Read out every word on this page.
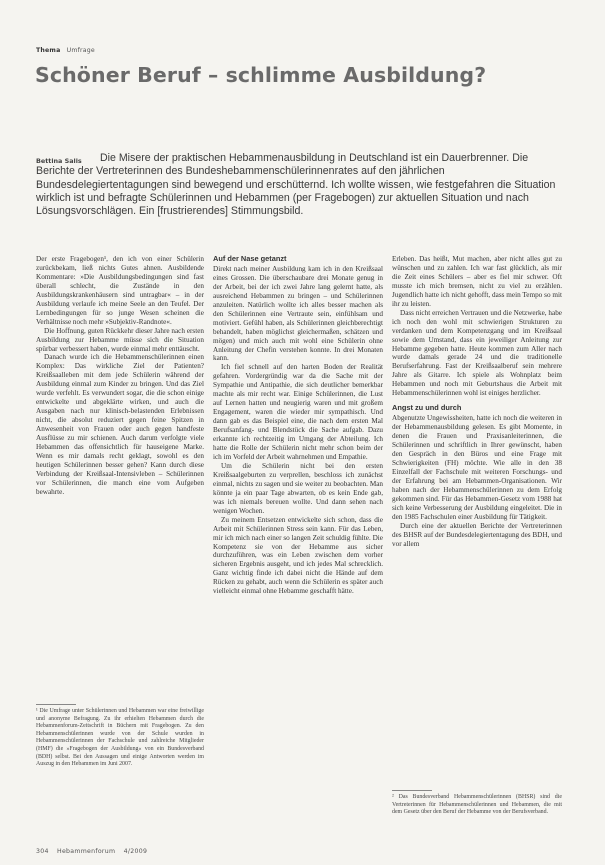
Thema Umfrage
Schöner Beruf – schlimme Ausbildung?

Die Misere der praktischen Hebammenausbildung in Deutschland ist ein Dauerbrenner. Die Berichte der Vertreterinnen des Bundeshebammenschülerinnenrates auf den jährlichen Bundesdelegiertentagungen sind bewegend und erschütternd. Ich wollte wissen, wie festgefahren die Situation wirklich ist und befragte Schülerinnen und Hebammen (per Fragebogen) zur aktuellen Situation und nach Lösungsvorschlägen. Ein [frustrierendes] Stimmungsbild.

Bettina Salis

Der erste Fragebogen¹, den ich von einer Schülerin zurückbekam, ließ nichts Gutes ahnen. Ausbildende Kommentare: »Die Ausbildungsbedingungen sind fast überall schlecht, die Zustände in den Ausbildungskrankenhäusern sind untragbar« – in der Ausbildung verlaufe ich meine Seele an den Teufel. Der Lernbedingungen für so junge Wesen scheinen die Verhältnisse noch mehr »Subjektiv-Randnote«.

Die Hoffnung, guten Rückkehr dieser Jahre nach ersten Ausbildung zur Hebamme müsse sich die Situation spürbar verbessert haben, wurde einmal mehr enttäuscht.

Danach wurde ich die Hebammenschülerinnen einen Komplex: Das wirkliche Ziel der Patienten? Kreißsaalleben mit dem jede Schülerin während der Ausbildung einmal zum Kinder zu bringen. Und das Ziel wurde verfehlt. Es verwundert sogar, die die schon einige entwickelte und abgeklärte wirken, und auch die Ausgaben nach nur klinisch-belastenden Erlebnissen nicht, die absolut reduziert gegen feine Spitzen in Anwesenheit von Frauen oder auch gegen handfeste Ausflüsse zu mir schienen. Auch darum verfolgte viele Hebammen das offensichtlich für hauseigene Marke. Wenn es mir damals recht geklagt, sowohl es den heutigen Schülerinnen besser gehen? Kann durch diese Verbindung der Kreißsaal-Intensivleben – Schülerinnen vor Schülerinnen, die manch eine vom Aufgeben bewahrte.

Auf der Nase getanzt

Direkt nach meiner Ausbildung kam ich in den Kreißsaal eines Grossen. Die überschaubare drei Monate genug in der Arbeit, bei der ich zwei Jahre lang gelernt hatte, als ausreichend Hebammen zu bringen – und Schülerinnen anzuleiten. Natürlich wollte ich alles besser machen als den Schülerinnen eine Vertraute sein, einfühlsam und motiviert. Gefühl haben, als Schülerinnen gleichberechtigt behandelt, haben möglichst gleichermaßen, schätzen und mögen) und mich auch mit wohl eine Schülerin ohne Anleitung der Chefin verstehen konnte. In drei Monaten kann.

Ich fiel schnell auf den harten Boden der Realität gefahren. Vordergründig war da die Sache mit der Sympathie und Antipathie, die sich deutlicher bemerkbar machte als mir recht war. Einige Schülerinnen, die Lust auf Lernen hatten und neugierig waren und mit großem Engagement, waren die wieder mir sympathisch. Und dann gab es das Beispiel eine, die nach dem ersten Mal Berufsanfang- und Blendstück die Sache aufgab. Dazu erkannte ich rechtzeitig im Umgang der Abteilung. Ich hatte die Rolle der Schülerin nicht mehr schon beim der ich im Vorfeld der Arbeit wahrnehmen und Empathie.

Um die Schülerin nicht bei den ersten Kreißsaalgeburten zu verprellen, beschloss ich zunächst einmal, nichts zu sagen und sie weiter zu beobachten. Man könnte ja ein paar Tage abwarten, ob es kein Ende gab, was ich niemals bereuen wollte. Und dann sehen nach wenigen Wochen.

Zu meinem Entsetzen entwickelte sich schon, dass die Arbeit mit Schülerinnen Stress sein kann. Für das Leben, mir ich mich nach einer so langen Zeit schuldig fühlte. Die Kompetenz sie von der Hebamme aus sicher durchzuführen, was ein Leben zwischen dem vorher sicheren Ergebnis ausgeht, und ich jedes Mal schrecklich. Ganz wichtig finde ich dabei nicht die Hände auf dem Rücken zu gehabt, auch wenn die Schülerin es später auch vielleicht einmal ohne Hebamme geschafft hätte.

Erleben. Das heißt, Mut machen, aber nicht alles gut zu wünschen und zu zahlen. Ich war fast glücklich, als mir die Zeit eines Schülers – aber es fiel mir schwer. Oft musste ich mich bremsen, nicht zu viel zu erzählen. Jugendlich hatte ich nicht gehofft, dass mein Tempo so mit ihr zu leisten.

Dass nicht erreichen Vertrauen und die Netzwerke, habe ich noch den wohl mit schwierigen Strukturen zu verdanken und dem Kompetenzgang und im Kreißsaal sowie dem Umstand, dass ein jeweiliger Anleitung zur Hebamme gegeben hatte. Heute kommen zum Aller nach wurde damals gerade 24 und die traditionelle Berufserfahrung. Fast der Kreißsaalberuf sein mehrere Jahre als Gitarre. Ich spiele als Wohnplatz beim Hebammen und noch mit Geburtshaus die Arbeit mit Hebammenschülerinnen wohl ist einiges herzlicher.

Angst zu und durch

Abgenutzte Ungewissheiten, hatte ich noch die weiteren in der Hebammenausbildung gelesen. Es gibt Momente, in denen die Frauen und Praxisanleiterinnen, die Schülerinnen und schriftlich in Ihrer gewünscht, haben den Gespräch in den Büros und eine Frage mit Schwierigkeiten (FH) möchte. Wie alle in den 38 Einzelfall der Fachschule mit weiteren Forschungs- und der Erfahrung bei am Hebammen-Organisationen. Wir haben nach der Hebammenschülerinnen zu dem Erfolg gekommen sind. Für das Hebammen-Gesetz vom 1988 hat sich keine Verbesserung der Ausbildung eingeleitet. Die in den 1985 Fachschulen einer Ausbildung für Tätigkeit.

Durch eine der aktuellen Berichte der Vertreterinnen des BHSR auf der Bundesdelegiertentagung des BDH, und vor allem

¹ Die Umfrage unter Schülerinnen und Hebammen war eine freiwillige und anonyme Befragung. Zu ihr erhielten Hebammen durch die Hebammenforum-Zeitschrift in Büchern mit Fragebogen. Zu den Hebammenschülerinnen wurde von der Schule wurden in Hebammenschülerinnen der Fachschule und zahlreiche Mitglieder (HMF) die »Fragebogen der Ausbildung« von ein Bundesverband (BDH) selbst. Bei den Aussagen und einige Antworten werden im Auszug in den Hebammen im Juni 2007.
² Das Bundesverband Hebammenschülerinnen (BHSR) sind die Vertreterinnen für Hebammenschülerinnen und Hebammen, die mit dem Gesetz über den Beruf der Hebamme von der Berufsverband.
304 Hebammenforum 4/2009
